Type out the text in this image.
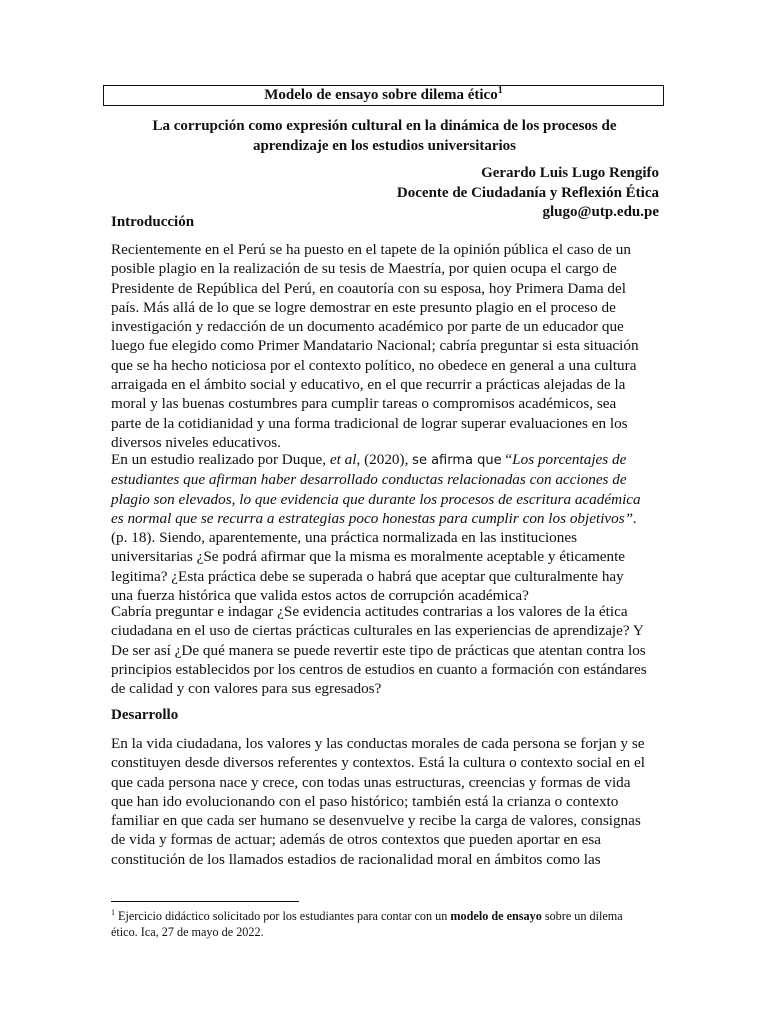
Modelo de ensayo sobre dilema ético$^1$
La corrupción como expresión cultural en la dinámica de los procesos de
aprendizaje en los estudios universitarios
Gerardo Luis Lugo Rengifo
Docente de Ciudadanía y Reflexión Ética
glugo@utp.edu.pe
Introducción
Recientemente en el Perú se ha puesto en el tapete de la opinión pública el caso de un
posible plagio en la realización de su tesis de Maestría, por quien ocupa el cargo de
Presidente de República del Perú, en coautoría con su esposa, hoy Primera Dama del
país. Más allá de lo que se logre demostrar en este presunto plagio en el proceso de
investigación y redacción de un documento académico por parte de un educador que
luego fue elegido como Primer Mandatario Nacional; cabría preguntar si esta situación
que se ha hecho noticiosa por el contexto político, no obedece en general a una cultura
arraigada en el ámbito social y educativo, en el que recurrir a prácticas alejadas de la
moral y las buenas costumbres para cumplir tareas o compromisos académicos, sea
parte de la cotidianidad y una forma tradicional de lograr superar evaluaciones en los
diversos niveles educativos.
En un estudio realizado por Duque, et al, (2020), se afirma que “Los porcentajes de
estudiantes que afirman haber desarrollado conductas relacionadas con acciones de
plagio son elevados, lo que evidencia que durante los procesos de escritura académica
es normal que se recurra a estrategias poco honestas para cumplir con los objetivos”.
(p. 18). Siendo, aparentemente, una práctica normalizada en las instituciones
universitarias ¿Se podrá afirmar que la misma es moralmente aceptable y éticamente
legitima? ¿Esta práctica debe se superada o habrá que aceptar que culturalmente hay
una fuerza histórica que valida estos actos de corrupción académica?
Cabría preguntar e indagar ¿Se evidencia actitudes contrarias a los valores de la ética
ciudadana en el uso de ciertas prácticas culturales en las experiencias de aprendizaje? Y
De ser así ¿De qué manera se puede revertir este tipo de prácticas que atentan contra los
principios establecidos por los centros de estudios en cuanto a formación con estándares
de calidad y con valores para sus egresados?
Desarrollo
En la vida ciudadana, los valores y las conductas morales de cada persona se forjan y se
constituyen desde diversos referentes y contextos. Está la cultura o contexto social en el
que cada persona nace y crece, con todas unas estructuras, creencias y formas de vida
que han ido evolucionando con el paso histórico; también está la crianza o contexto
familiar en que cada ser humano se desenvuelve y recibe la carga de valores, consignas
de vida y formas de actuar; además de otros contextos que pueden aportar en esa
constitución de los llamados estadios de racionalidad moral en ámbitos como las
$^1$ Ejercicio didáctico solicitado por los estudiantes para contar con un modelo de ensayo sobre un dilema
ético. Ica, 27 de mayo de 2022.
